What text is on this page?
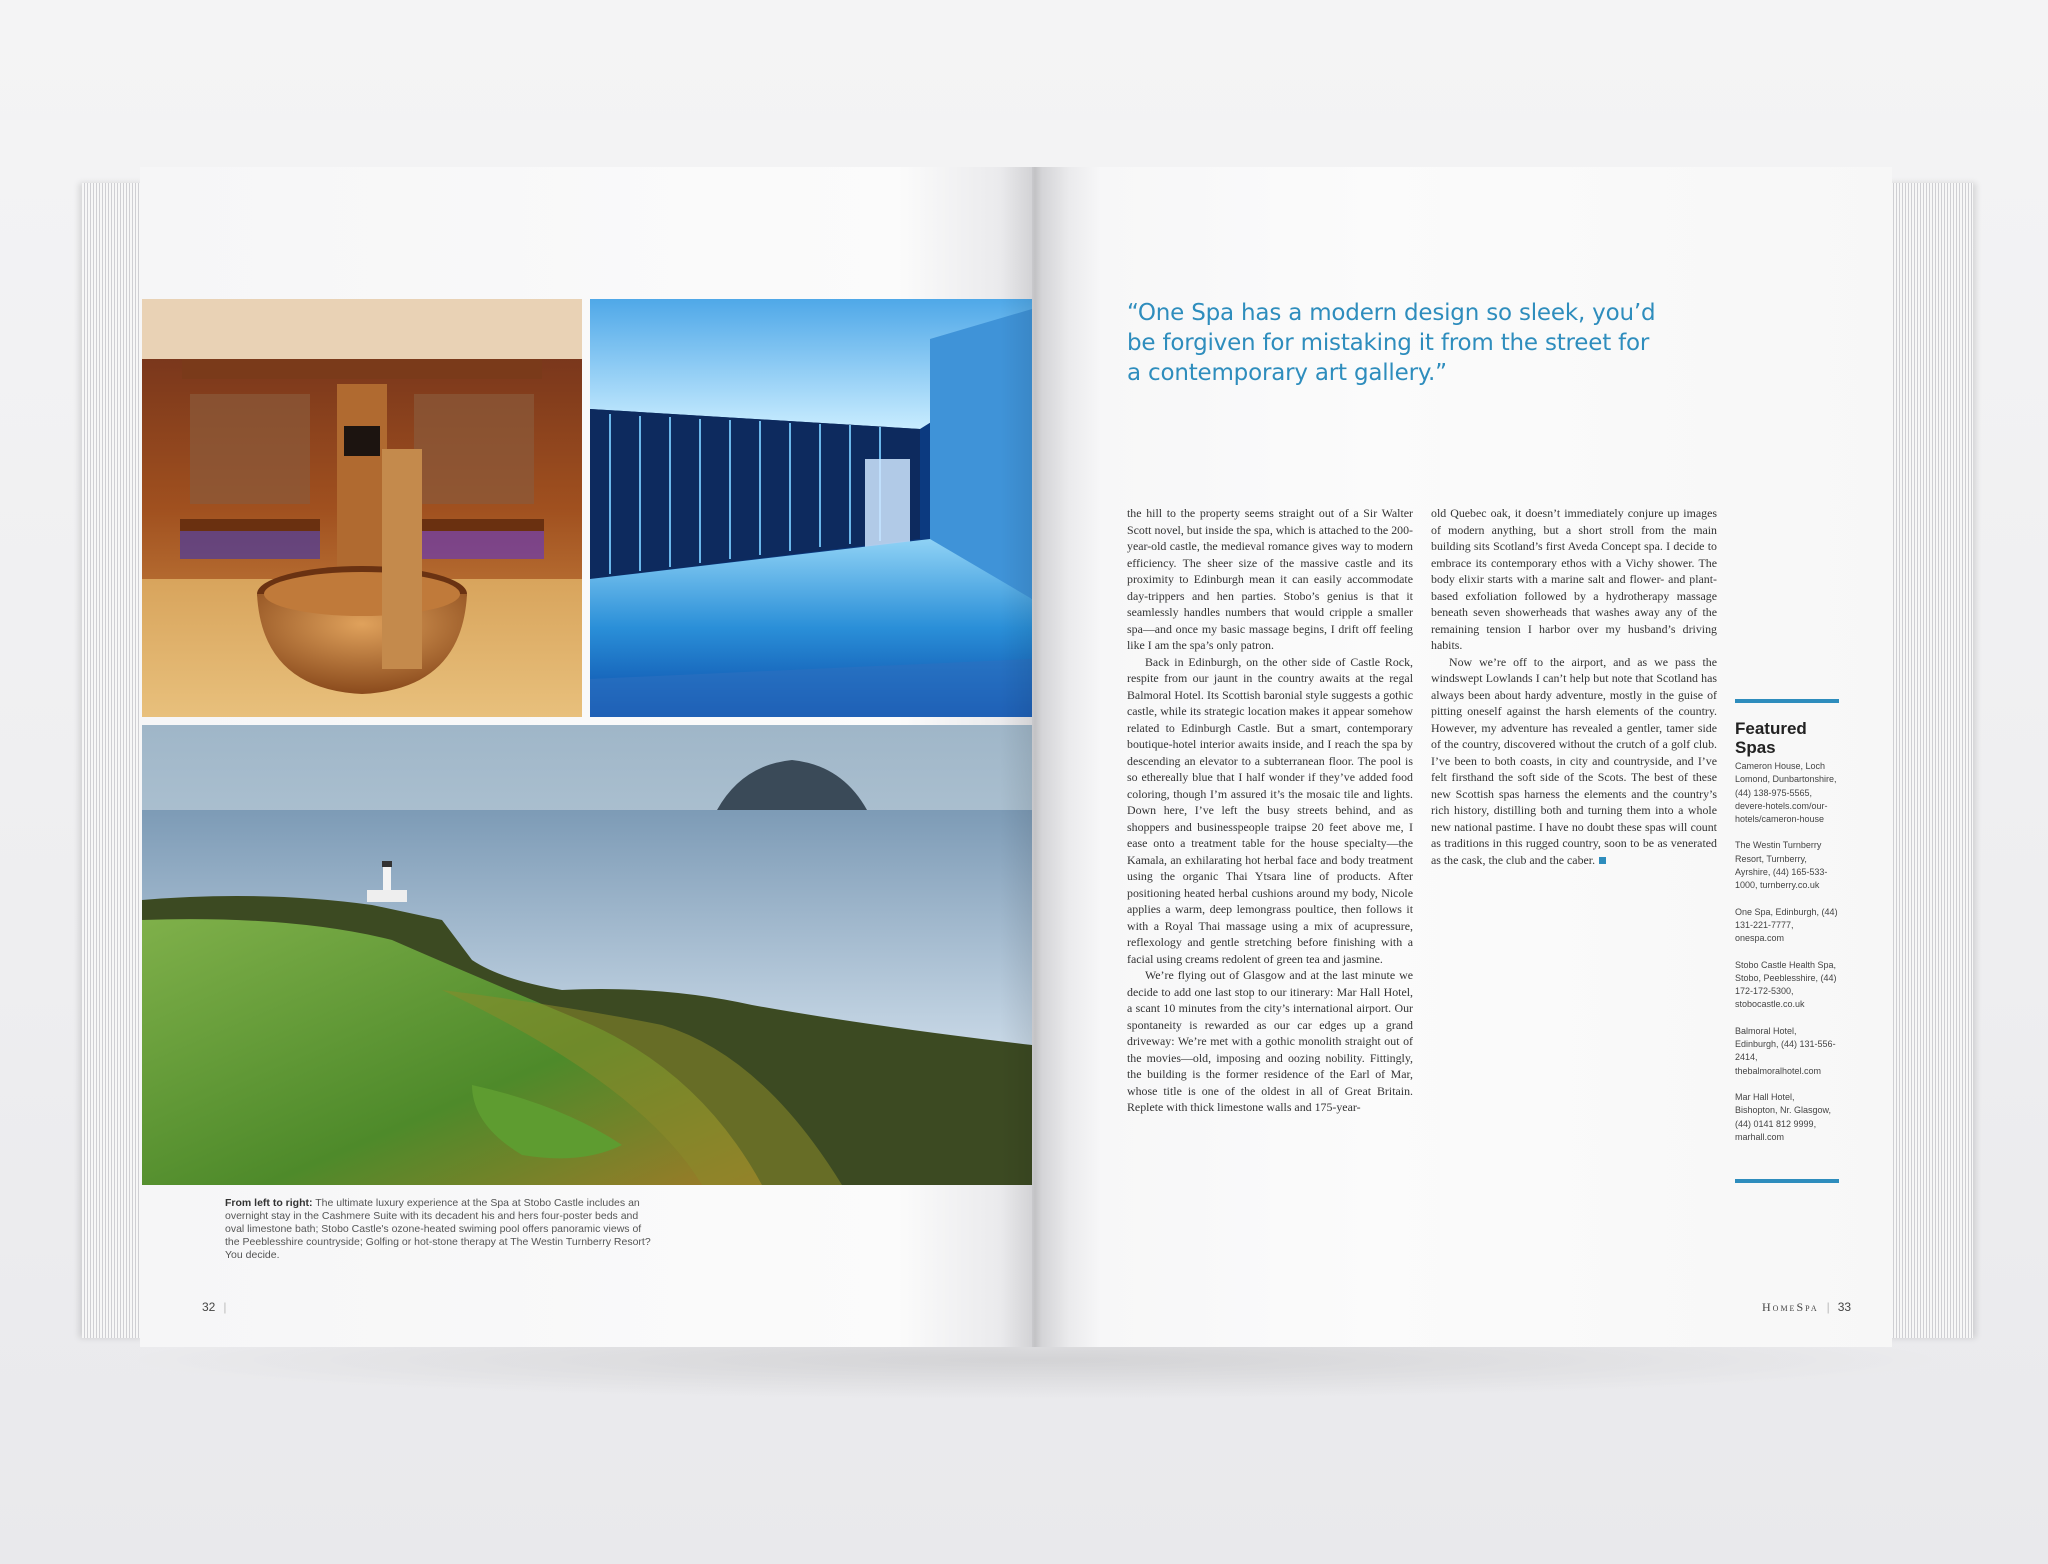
From left to right: The ultimate luxury experience at the Spa at Stobo Castle includes an overnight stay in the Cashmere Suite with its decadent his and hers four-poster beds and oval limestone bath; Stobo Castle's ozone-heated swiming pool offers panoramic views of the Peeblesshire countryside; Golfing or hot-stone therapy at The Westin Turnberry Resort? You decide.
32 |
“One Spa has a modern design so sleek, you’d be forgiven for mistaking it from the street for a contemporary art gallery.”

the hill to the property seems straight out of a Sir Walter Scott novel, but inside the spa, which is attached to the 200-year-old castle, the medieval romance gives way to modern efficiency. The sheer size of the massive castle and its proximity to Edinburgh mean it can easily accommodate day-trippers and hen parties. Stobo’s genius is that it seamlessly handles numbers that would cripple a smaller spa—and once my basic massage begins, I drift off feeling like I am the spa’s only patron.

Back in Edinburgh, on the other side of Castle Rock, respite from our jaunt in the country awaits at the regal Balmoral Hotel. Its Scottish baronial style suggests a gothic castle, while its strategic location makes it appear somehow related to Edinburgh Castle. But a smart, contemporary boutique-hotel interior awaits inside, and I reach the spa by descending an elevator to a subterranean floor. The pool is so ethereally blue that I half wonder if they’ve added food coloring, though I’m assured it’s the mosaic tile and lights. Down here, I’ve left the busy streets behind, and as shoppers and businesspeople traipse 20 feet above me, I ease onto a treatment table for the house specialty—the Kamala, an exhilarating hot herbal face and body treatment using the organic Thai Ytsara line of products. After positioning heated herbal cushions around my body, Nicole applies a warm, deep lemongrass poultice, then follows it with a Royal Thai massage using a mix of acupressure, reflexology and gentle stretching before finishing with a facial using creams redolent of green tea and jasmine.

We’re flying out of Glasgow and at the last minute we decide to add one last stop to our itinerary: Mar Hall Hotel, a scant 10 minutes from the city’s international airport. Our spontaneity is rewarded as our car edges up a grand driveway: We’re met with a gothic monolith straight out of the movies—old, imposing and oozing nobility. Fittingly, the building is the former residence of the Earl of Mar, whose title is one of the oldest in all of Great Britain. Replete with thick limestone walls and 175-year-

old Quebec oak, it doesn’t immediately conjure up images of modern anything, but a short stroll from the main building sits Scotland’s first Aveda Concept spa. I decide to embrace its contemporary ethos with a Vichy shower. The body elixir starts with a marine salt and flower- and plant-based exfoliation followed by a hydrotherapy massage beneath seven showerheads that washes away any of the remaining tension I harbor over my husband’s driving habits.

Now we’re off to the airport, and as we pass the windswept Lowlands I can’t help but note that Scotland has always been about hardy adventure, mostly in the guise of pitting oneself against the harsh elements of the country. However, my adventure has revealed a gentler, tamer side of the country, discovered without the crutch of a golf club. I’ve been to both coasts, in city and countryside, and I’ve felt firsthand the soft side of the Scots. The best of these new Scottish spas harness the elements and the country’s rich history, distilling both and turning them into a whole new national pastime. I have no doubt these spas will count as traditions in this rugged country, soon to be as venerated as the cask, the club and the caber.

Featured Spas
Cameron House, Loch Lomond, Dunbartonshire, (44) 138-975-5565, devere-hotels.com/our-hotels/cameron-house
The Westin Turnberry Resort, Turnberry, Ayrshire, (44) 165-533-1000, turnberry.co.uk
One Spa, Edinburgh, (44) 131-221-7777, onespa.com
Stobo Castle Health Spa, Stobo, Peeblesshire, (44) 172-172-5300, stobocastle.co.uk
Balmoral Hotel, Edinburgh, (44) 131-556-2414, thebalmoralhotel.com
Mar Hall Hotel, Bishopton, Nr. Glasgow, (44) 0141 812 9999, marhall.com
HomeSpa | 33
